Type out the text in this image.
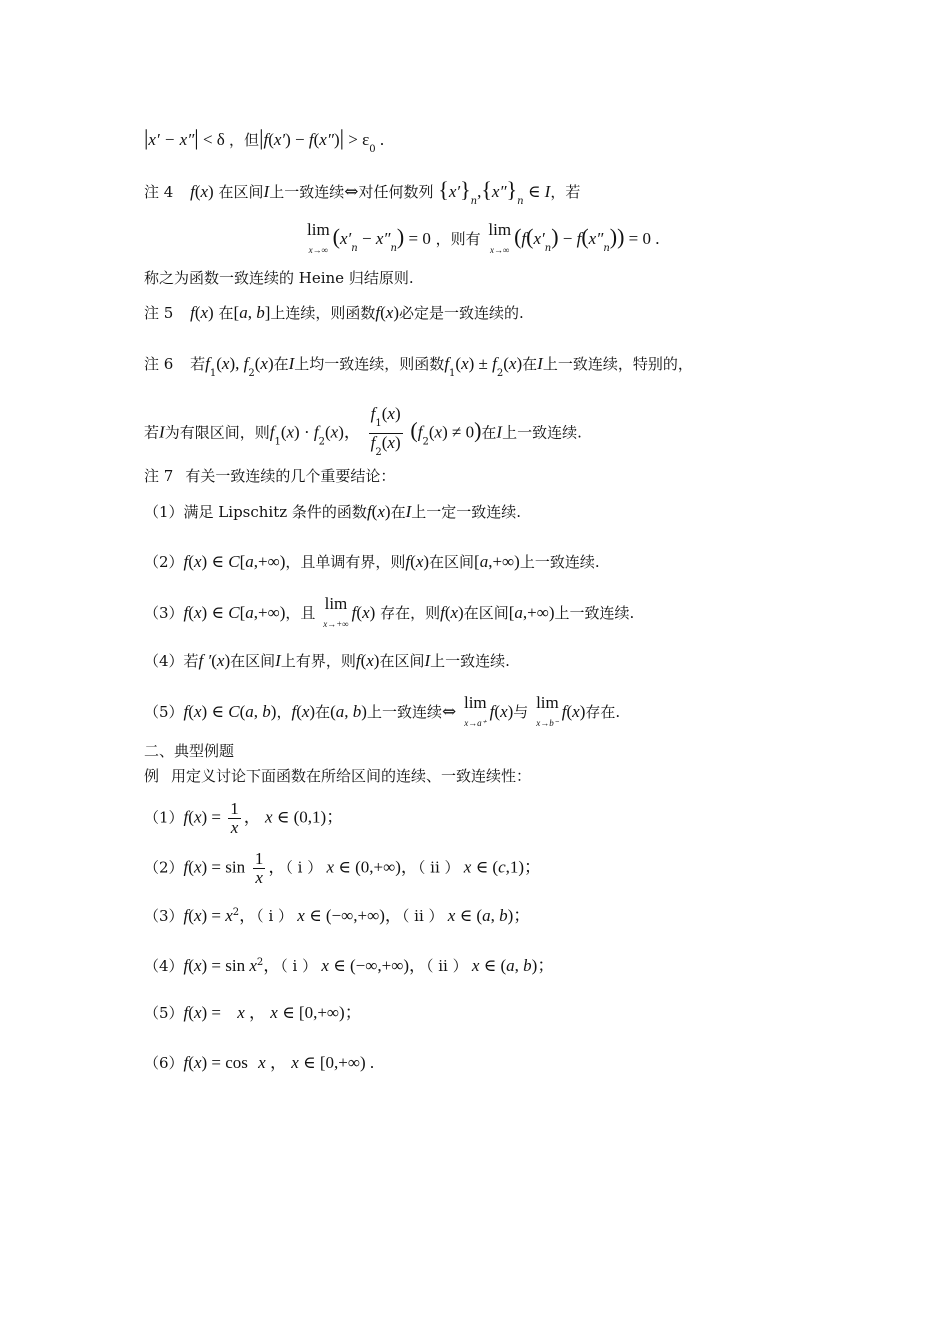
|x′ − x″| < δ ，但$|f(x') - f(x'')| > \varepsilon_0$ .
注 4 f(x) 在区间I上一致连续⇔对任何数列 $\{x'\}_n,\{x''\}_n$ ∈ I，若
lim
x→∞
$(x'_n - x''_n) = 0$ ，则有 lim
x→∞
$(f(x'_n) - f(x''_n)) = 0$ .
称之为函数一致连续的 Heine 归结原则.
注 5 f(x) 在[a, b]上连续，则函数f(x)必定是一致连续的.
注 6 若$f_1(x)$, $f_2(x)$在I上均一致连续，则函数$f_1(x) \pm f_2(x)$在I上一致连续，特别的，
若I为有限区间，则$f_1(x) \cdot f_2(x)$， $\frac{f_1(x)}{f_2(x)} (f_2(x) \ne 0)$在I上一致连续.
注 7 有关一致连续的几个重要结论：
（1）满足 Lipschitz 条件的函数f(x)在I上一定一致连续.
（2）f(x) ∈ C[a,+∞)，且单调有界，则f(x)在区间[a,+∞)上一致连续.
（3）f(x) ∈ C[a,+∞)，且 lim
x→+∞
f(x) 存在，则f(x)在区间[a,+∞)上一致连续.
（4）若f ′(x)在区间I上有界，则f(x)在区间I上一致连续.
（5）f(x) ∈ C(a, b)，f(x)在(a, b)上一致连续⇔ lim
x→a⁺
f(x)与 lim
x→b⁻
f(x)存在.
二、典型例题
例 用定义讨论下面函数在所给区间的连续、一致连续性：
$(1)f(x) = \frac{1}{x}$ ， x ∈ (0,1)；
$(2)f(x) = \sin \frac{1}{x}$ ，（ i ） x ∈ (0,+∞)，（ ii ） x ∈ (c,1)；
$(3)f(x) = x^2$，（ i ） x ∈ (−∞,+∞)，（ ii ） x ∈ (a, b)；
$(4)f(x) = \sin x^2$，（ i ） x ∈ (−∞,+∞)，（ ii ） x ∈ (a, b)；
（5）f(x) = x ， x ∈ [0,+∞)；
（6）f(x) = cos x ， x ∈ [0,+∞) .
